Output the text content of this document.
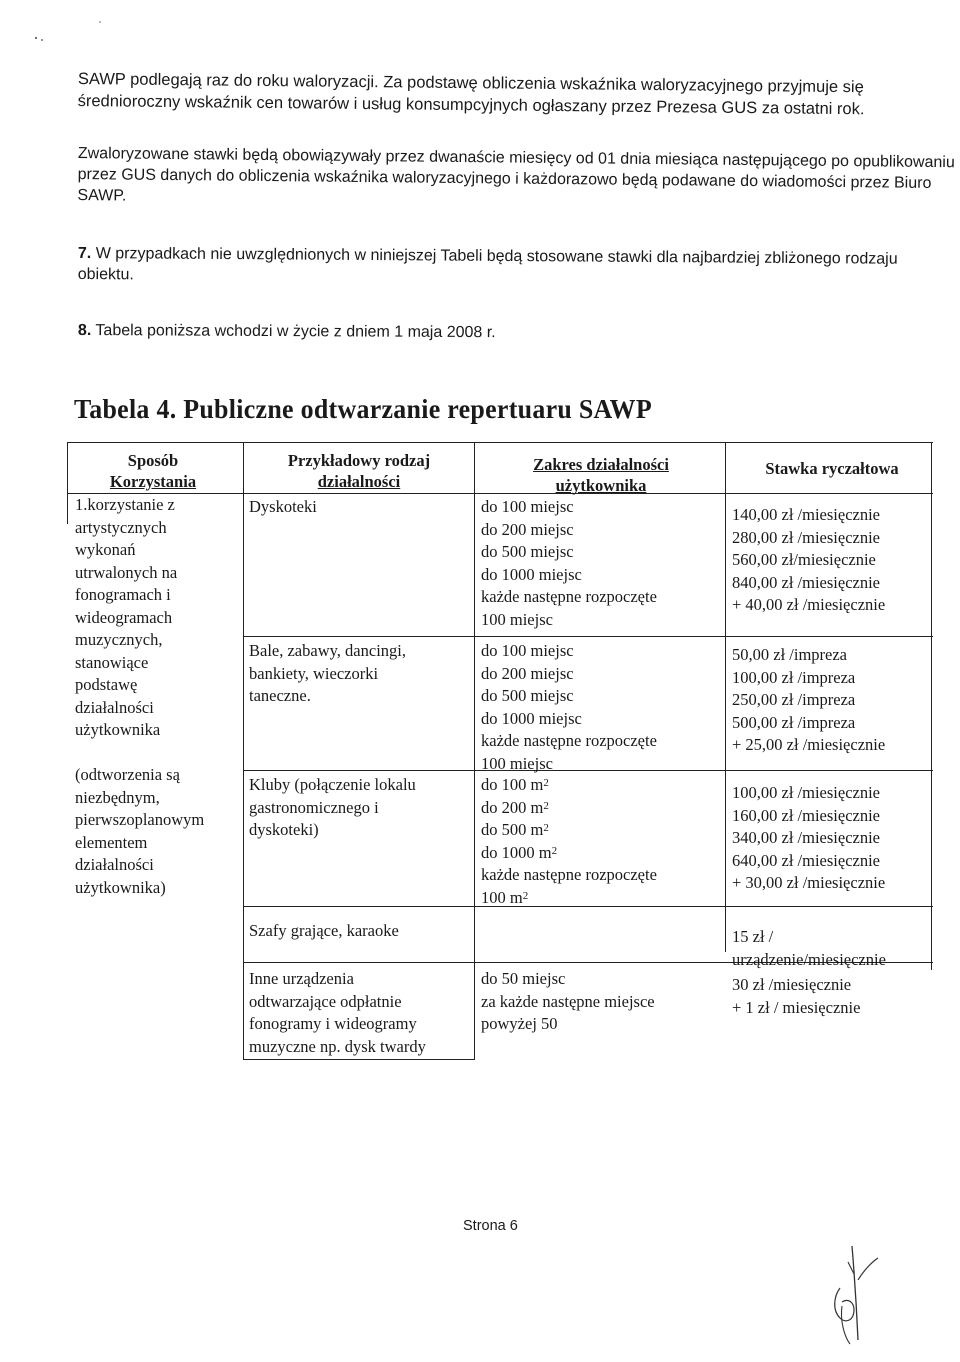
SAWP podlegają raz do roku waloryzacji. Za podstawę obliczenia wskaźnika waloryzacyjnego przyjmuje się średnioroczny wskaźnik cen towarów i usług konsumpcyjnych ogłaszany przez Prezesa GUS za ostatni rok.

Zwaloryzowane stawki będą obowiązywały przez dwanaście miesięcy od 01 dnia miesiąca następującego po opublikowaniu przez GUS danych do obliczenia wskaźnika waloryzacyjnego i każdorazowo będą podawane do wiadomości przez Biuro SAWP.

7. W przypadkach nie uwzględnionych w niniejszej Tabeli będą stosowane stawki dla najbardziej zbliżonego rodzaju obiektu.

8. Tabela poniższa wchodzi w życie z dniem 1 maja 2008 r.

Tabela 4. Publiczne odtwarzanie repertuaru SAWP
Sposób
Korzystania
Przykładowy rodzaj
działalności
Zakres działalności
użytkownika
Stawka ryczałtowa
1.korzystanie z
artystycznych
wykonań
utrwalonych na
fonogramach i
wideogramach
muzycznych,
stanowiące
podstawę
działalności
użytkownika
(odtworzenia są
niezbędnym,
pierwszoplanowym
elementem
działalności
użytkownika)
Dyskoteki	do 100 miejsc
do 200 miejsc
do 500 miejsc
do 1000 miejsc
każde następne rozpoczęte
100 miejsc
140,00 zł /miesięcznie
280,00 zł /miesięcznie
560,00 zł/miesięcznie
840,00 zł /miesięcznie
+ 40,00 zł /miesięcznie
Bale, zabawy, dancingi,
bankiety, wieczorki
taneczne.
do 100 miejsc
do 200 miejsc
do 500 miejsc
do 1000 miejsc
każde następne rozpoczęte
100 miejsc
50,00 zł /impreza
100,00 zł /impreza
250,00 zł /impreza
500,00 zł /impreza
+ 25,00 zł /miesięcznie
Kluby (połączenie lokalu
gastronomicznego i
dyskoteki)
do 100 $m^2$
do 200 $m^2$
do 500 $m^2$
do 1000 $m^2$
każde następne rozpoczęte
100 $m^2$
100,00 zł /miesięcznie
160,00 zł /miesięcznie
340,00 zł /miesięcznie
640,00 zł /miesięcznie
+ 30,00 zł /miesięcznie
Szafy grające, karaoke	15 zł /
urządzenie/miesięcznie
Inne urządzenia
odtwarzające odpłatnie
fonogramy i wideogramy
muzyczne np. dysk twardy
do 50 miejsc
za każde następne miejsce
powyżej 50
30 zł /miesięcznie
+ 1 zł / miesięcznie
Strona 6
